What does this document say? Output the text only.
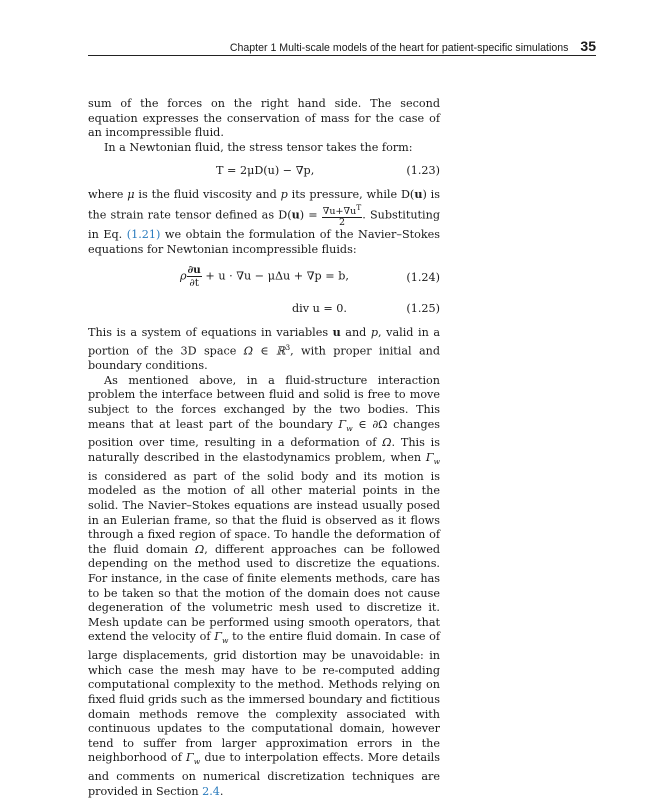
Chapter 1 Multi-scale models of the heart for patient-specific simulations 35

sum of the forces on the right hand side. The second equation expresses the conservation of mass for the case of an incompressible fluid.

In a Newtonian fluid, the stress tensor takes the form:

T = 2μD(u) − ∇p,	(1.23)

where μ is the fluid viscosity and p its pressure, while D(u) is the strain rate tensor defined as $D(u) = \frac{\nabla u+\nabla u^T}{2}$ . Substituting in Eq. (1.21) we obtain the formulation of the Navier–Stokes equations for Newtonian incompressible fluids:

ρ $\frac{\partial u}{\partial t} + u \cdot \nabla u - \mu\Delta u + \nabla p = b$,	(1.24)
div u = 0.	(1.25)

This is a system of equations in variables u and p, valid in a portion of the 3D space Ω ∈ ℝ$^3$, with proper initial and boundary conditions.

As mentioned above, in a fluid-structure interaction problem the interface between fluid and solid is free to move subject to the forces exchanged by the two bodies. This means that at least part of the boundary $\Gamma_w$ ∈ ∂Ω changes position over time, resulting in a deformation of Ω. This is naturally described in the elastodynamics problem, when $\Gamma_w$ is considered as part of the solid body and its motion is modeled as the motion of all other material points in the solid. The Navier–Stokes equations are instead usually posed in an Eulerian frame, so that the fluid is observed as it flows through a fixed region of space. To handle the deformation of the fluid domain Ω, different approaches can be followed depending on the method used to discretize the equations. For instance, in the case of finite elements methods, care has to be taken so that the motion of the domain does not cause degeneration of the volumetric mesh used to discretize it. Mesh update can be performed using smooth operators, that extend the velocity of $\Gamma_w$ to the entire fluid domain. In case of large displacements, grid distortion may be unavoidable: in which case the mesh may have to be re-computed adding computational complexity to the method. Methods relying on fixed fluid grids such as the immersed boundary and fictitious domain methods remove the complexity associated with continuous updates to the computational domain, however tend to suffer from larger approximation errors in the neighborhood of $\Gamma_w$ due to interpolation effects. More details and comments on numerical discretization techniques are provided in Section 2.4.
